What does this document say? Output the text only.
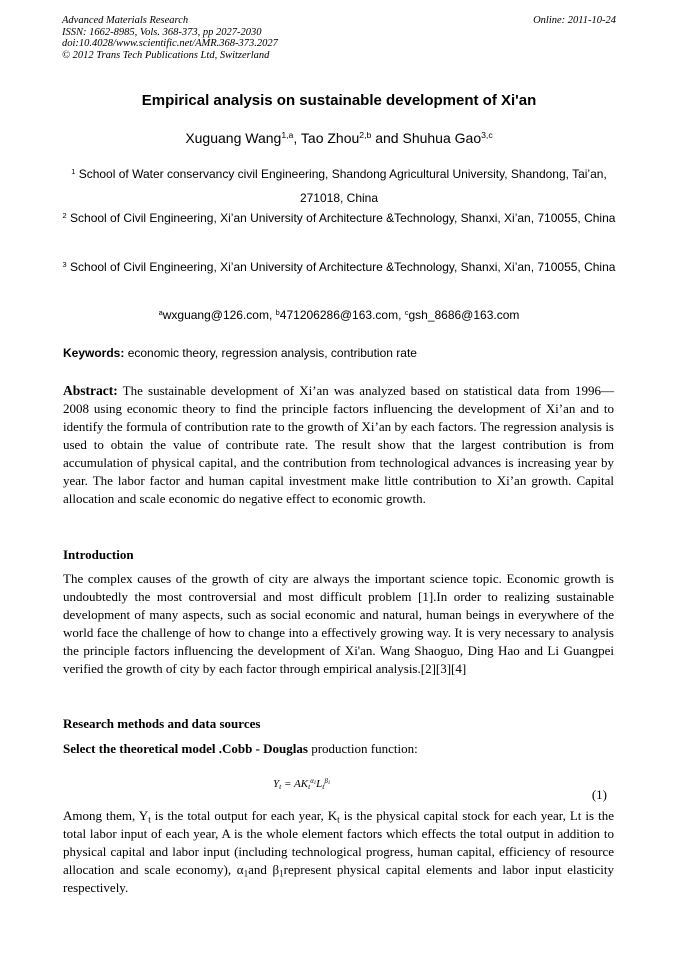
Advanced Materials Research
ISSN: 1662-8985, Vols. 368-373, pp 2027-2030
doi:10.4028/www.scientific.net/AMR.368-373.2027
© 2012 Trans Tech Publications Ltd, Switzerland
Online: 2011-10-24
Empirical analysis on sustainable development of Xi'an
Xuguang Wang$^{1,a}$, Tao Zhou$^{2,b}$ and Shuhua Gao$^{3,c}$
$^1$ School of Water conservancy civil Engineering, Shandong Agricultural University, Shandong, Tai’an, 271018, China
$^2$ School of Civil Engineering, Xi’an University of Architecture &Technology, Shanxi, Xi’an, 710055, China
$^3$ School of Civil Engineering, Xi’an University of Architecture &Technology, Shanxi, Xi’an, 710055, China
$^a$wxguang@126.com, $^b$471206286@163.com, $^c$gsh_8686@163.com
Keywords: economic theory, regression analysis, contribution rate
Abstract: The sustainable development of Xi’an was analyzed based on statistical data from 1996—2008 using economic theory to find the principle factors influencing the development of Xi’an and to identify the formula of contribution rate to the growth of Xi’an by each factors. The regression analysis is used to obtain the value of contribute rate. The result show that the largest contribution is from accumulation of physical capital, and the contribution from technological advances is increasing year by year. The labor factor and human capital investment make little contribution to Xi’an growth. Capital allocation and scale economic do negative effect to economic growth.
Introduction
The complex causes of the growth of city are always the important science topic. Economic growth is undoubtedly the most controversial and most difficult problem [1].In order to realizing sustainable development of many aspects, such as social economic and natural, human beings in everywhere of the world face the challenge of how to change into a effectively growing way. It is very necessary to analysis the principle factors influencing the development of Xi'an. Wang Shaoguo, Ding Hao and Li Guangpei verified the growth of city by each factor through empirical analysis.[2][3][4]
Research methods and data sources
Select the theoretical model .Cobb - Douglas production function:
$Y_t = AK_t^{\alpha_1}L_t^{\beta_1}$
(1)
Among them, $Y_t$ is the total output for each year, $K_t$ is the physical capital stock for each year, Lt is the total labor input of each year, A is the whole element factors which effects the total output in addition to physical capital and labor input (including technological progress, human capital, efficiency of resource allocation and scale economy), $\alpha_1and$ $\beta_1represent$ physical capital elements and labor input elasticity respectively.
